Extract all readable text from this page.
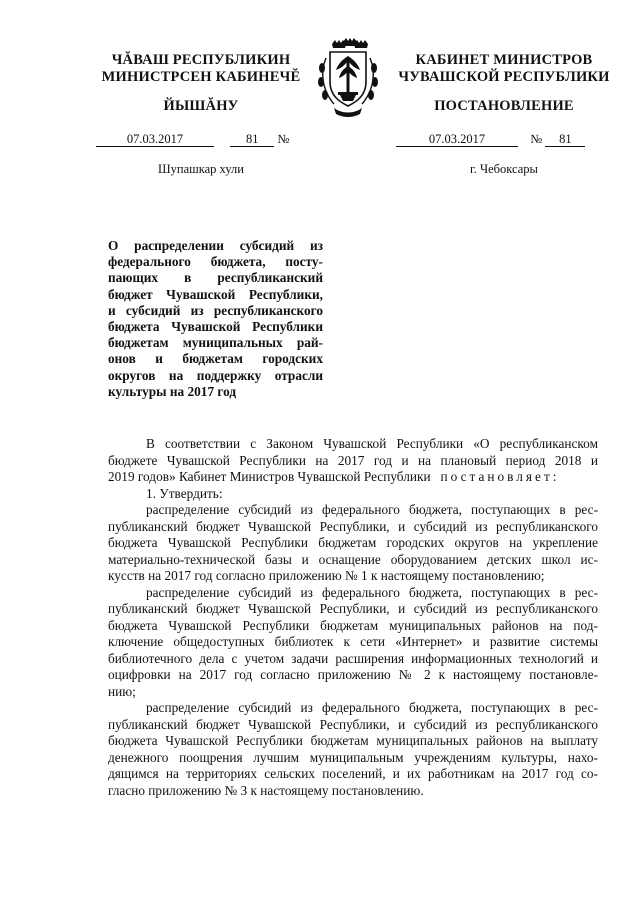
ЧĂВАШ РЕСПУБЛИКИН
МИНИСТРСЕН КАБИНЕЧĔ
ЙЫШĂНУ
КАБИНЕТ МИНИСТРОВ
ЧУВАШСКОЙ РЕСПУБЛИКИ
ПОСТАНОВЛЕНИЕ
07.03.2017	81 №	07.03.2017	№ 81
Шупашкар хули	г. Чебоксары
О распределении субсидий из
федерального бюджета, посту-
пающих в республиканский
бюджет Чувашской Республики,
и субсидий из республиканского
бюджета Чувашской Республики
бюджетам муниципальных рай-
онов и бюджетам городских
округов на поддержку отрасли
культуры на 2017 год
В соответствии с Законом Чувашской Республики «О республиканском
бюджете Чувашской Республики на 2017 год и на плановый период 2018 и
2019 годов» Кабинет Министров Чувашской Республики постановляет:
1. Утвердить:
распределение субсидий из федерального бюджета, поступающих в рес-
публиканский бюджет Чувашской Республики, и субсидий из республиканского
бюджета Чувашской Республики бюджетам городских округов на укрепление
материально-технической базы и оснащение оборудованием детских школ ис-
кусств на 2017 год согласно приложению № 1 к настоящему постановлению;
распределение субсидий из федерального бюджета, поступающих в рес-
публиканский бюджет Чувашской Республики, и субсидий из республиканского
бюджета Чувашской Республики бюджетам муниципальных районов на под-
ключение общедоступных библиотек к сети «Интернет» и развитие системы
библиотечного дела с учетом задачи расширения информационных технологий и
оцифровки на 2017 год согласно приложению № 2 к настоящему постановле-
нию;
распределение субсидий из федерального бюджета, поступающих в рес-
публиканский бюджет Чувашской Республики, и субсидий из республиканского
бюджета Чувашской Республики бюджетам муниципальных районов на выплату
денежного поощрения лучшим муниципальным учреждениям культуры, нахо-
дящимся на территориях сельских поселений, и их работникам на 2017 год со-
гласно приложению № 3 к настоящему постановлению.
